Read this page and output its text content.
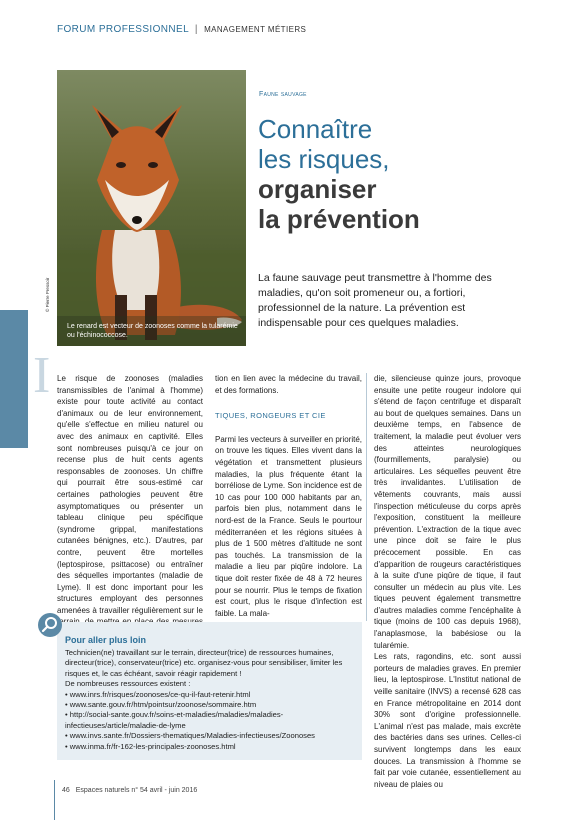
FORUM PROFESSIONNEL | MANAGEMENT MÉTIERS
© Pierre Pressoir
Le renard est vecteur de zoonoses comme la tularémie ou l'échinococcose.
Faune sauvage
Connaître
les risques,
organiser
la prévention
La faune sauvage peut transmettre à l'homme des maladies, qu'on soit promeneur ou, a fortiori, professionnel de la nature. La prévention est indispensable pour ces quelques maladies.
I Le risque de zoonoses (maladies transmissibles de l'animal à l'homme) existe pour toute activité au contact d'animaux ou de leur environnement, qu'elle s'effectue en milieu naturel ou avec des animaux en captivité. Elles sont nombreuses puisqu'à ce jour on recense plus de huit cents agents responsables de zoonoses. Un chiffre qui pourrait être sous-estimé car certaines pathologies peuvent être asymptomatiques ou présenter un tableau clinique peu spécifique (syndrome grippal, manifestations cutanées bénignes, etc.). D'autres, par contre, peuvent être mortelles (leptospirose, psittacose) ou entraîner des séquelles importantes (maladie de Lyme). Il est donc important pour les structures employant des personnes amenées à travailler régulièrement sur le

tion en lien avec la médecine du travail, et des formations.

TIQUES, RONGEURS ET CIE

Parmi les vecteurs à surveiller en priorité, on trouve les tiques. Elles vivent dans la végétation et transmettent plusieurs maladies, la plus fréquente étant la borréliose de Lyme. Son incidence est de 10 cas pour 100 000 habitants par an, parfois bien plus, notamment dans le nord-est de la France. Seuls le pourtour méditerranéen et les régions situées à plus de 1 500 mètres d'altitude ne sont pas touchés. La transmission de la maladie a lieu par piqûre indolore. La tique doit rester fixée de 48 à 72 heures pour se nourrir. Plus le temps de fixation est court, plus le risque d'infection est faible. La mala-

die, silencieuse quinze jours, provoque ensuite une petite rougeur indolore qui s'étend de façon centrifuge et disparaît au bout de quelques semaines. Dans un deuxième temps, en l'absence de traitement, la maladie peut évoluer vers des atteintes neurologiques (fourmillements, paralysie) ou articulaires. Les séquelles peuvent être très invalidantes. L'utilisation de vêtements couvrants, mais aussi l'inspection méticuleuse du corps après l'exposition, constituent la meilleure prévention. L'extraction de la tique avec une pince doit se faire le plus précocement possible. En cas d'apparition de rougeurs caractéristiques à la suite d'une piqûre de tique, il faut consulter un médecin au plus vite. Les tiques peuvent également transmettre d'autres maladies comme l'encéphalite à tique (moins de 100 cas depuis 1968), l'anaplasmose, la babésiose ou la tularémie.

Les rats, ragondins, etc. sont aussi porteurs de maladies graves. En premier lieu, la leptospirose. L'Institut national de veille sanitaire (INVS) a recensé 628 cas en France métropolitaine en 2014 dont 30% sont d'origine professionnelle. L'animal n'est pas malade, mais excrète des bactéries dans ses urines. Celles-ci survivent longtemps dans les eaux douces. La transmission à l'homme se fait par voie cutanée, essentiellement au niveau de plaies ou

Pour aller plus loin

Technicien(ne) travaillant sur le terrain, directeur(trice) de ressources humaines, directeur(trice), conservateur(trice) etc. organisez-vous pour sensibiliser, limiter les risques et, le cas échéant, savoir réagir rapidement !

De nombreuses ressources existent :

• www.inrs.fr/risques/zoonoses/ce-qu-il-faut-retenir.html
• www.sante.gouv.fr/htm/pointsur/zoonose/sommaire.htm
• http://social-sante.gouv.fr/soins-et-maladies/maladies/maladies-infectieuses/article/maladie-de-lyme
• www.invs.sante.fr/Dossiers-thematiques/Maladies-infectieuses/Zoonoses
• www.inma.fr/fr-162-les-principales-zoonoses.html
46 Espaces naturels n° 54 avril - juin 2016
